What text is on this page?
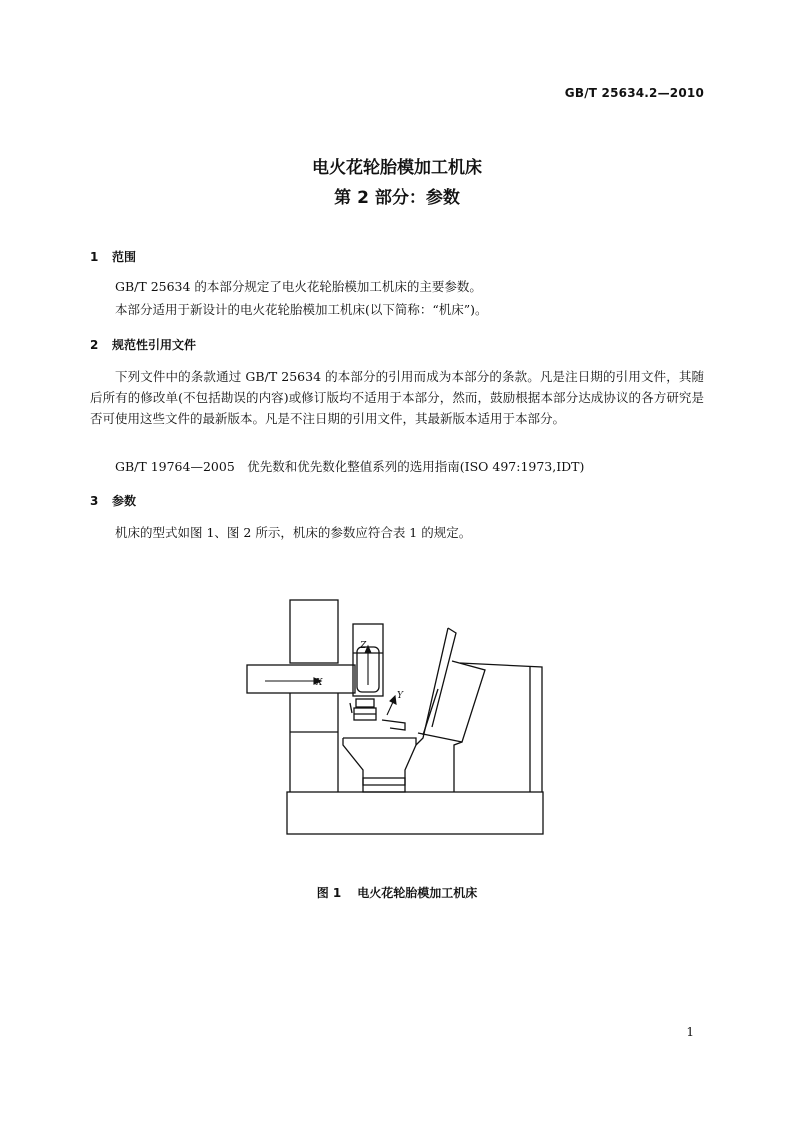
GB/T 25634.2—2010
电火花轮胎模加工机床
第 2 部分：参数
1 范围
GB/T 25634 的本部分规定了电火花轮胎模加工机床的主要参数。
本部分适用于新设计的电火花轮胎模加工机床(以下简称：“机床”)。
2 规范性引用文件
下列文件中的条款通过 GB/T 25634 的本部分的引用而成为本部分的条款。凡是注日期的引用文件，其随后所有的修改单(不包括勘误的内容)或修订版均不适用于本部分，然而，鼓励根据本部分达成协议的各方研究是否可使用这些文件的最新版本。凡是不注日期的引用文件，其最新版本适用于本部分。
GB/T 19764—2005　优先数和优先数化整值系列的选用指南(ISO 497:1973,IDT)
3 参数
机床的型式如图 1、图 2 所示，机床的参数应符合表 1 的规定。
X
Z
Y
图 1 电火花轮胎模加工机床
1
